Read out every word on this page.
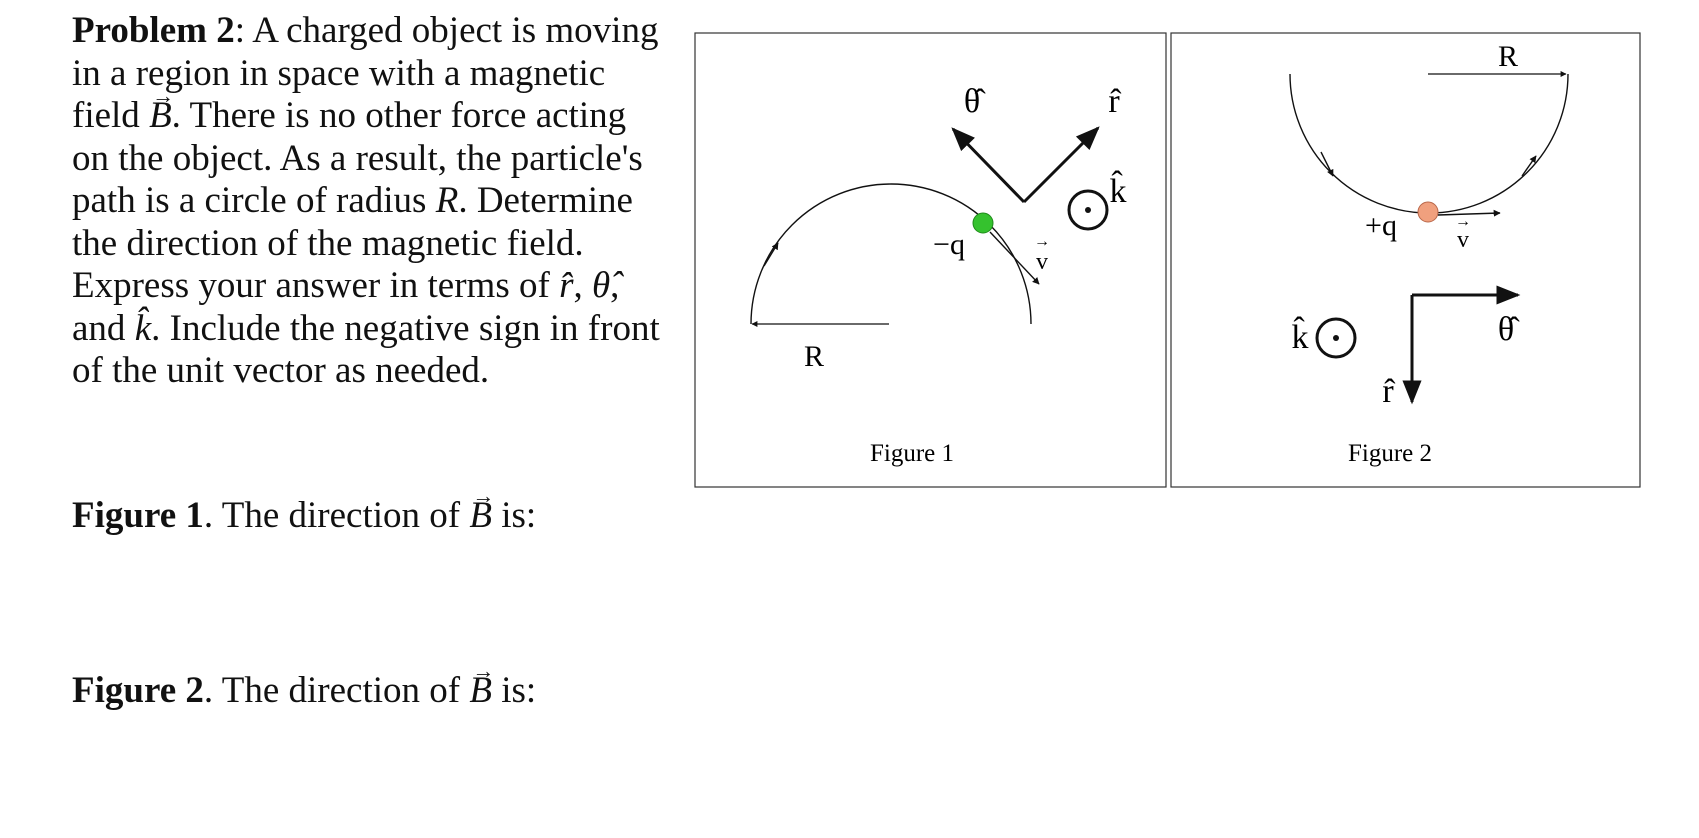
Problem 2: A charged object is moving in a region in space with a magnetic field → B. There is no other force acting on the object. As a result, the particle's path is a circle of radius R. Determine the direction of the magnetic field. Express your answer in terms of r̂, θ̂, and k̂. Include the negative sign in front of the unit vector as needed.
Figure 1. The direction of → B is:
Figure 2. The direction of → B is:
R
−q
v
→
θ̂	r̂
k̂
Figure 1
R
+q	v
→
k̂	θ̂
r̂
Figure 2
